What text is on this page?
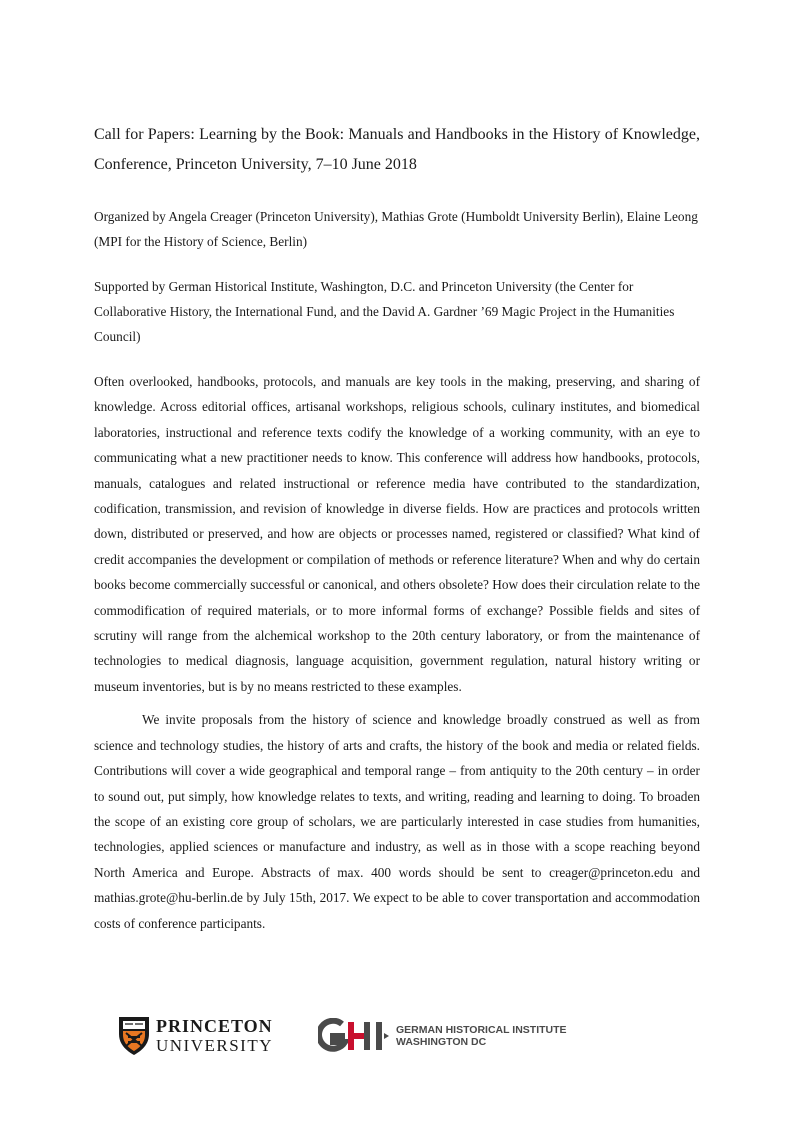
Call for Papers: Learning by the Book: Manuals and Handbooks in the History of Knowledge, Conference, Princeton University, 7–10 June 2018

Organized by Angela Creager (Princeton University), Mathias Grote (Humboldt University Berlin), Elaine Leong (MPI for the History of Science, Berlin)

Supported by German Historical Institute, Washington, D.C. and Princeton University (the Center for Collaborative History, the International Fund, and the David A. Gardner ’69 Magic Project in the Humanities Council)

Often overlooked, handbooks, protocols, and manuals are key tools in the making, preserving, and sharing of knowledge. Across editorial offices, artisanal workshops, religious schools, culinary institutes, and biomedical laboratories, instructional and reference texts codify the knowledge of a working community, with an eye to communicating what a new practitioner needs to know. This conference will address how handbooks, protocols, manuals, catalogues and related instructional or reference media have contributed to the standardization, codification, transmission, and revision of knowledge in diverse fields. How are practices and protocols written down, distributed or preserved, and how are objects or processes named, registered or classified? What kind of credit accompanies the development or compilation of methods or reference literature? When and why do certain books become commercially successful or canonical, and others obsolete? How does their circulation relate to the commodification of required materials, or to more informal forms of exchange? Possible fields and sites of scrutiny will range from the alchemical workshop to the 20th century laboratory, or from the maintenance of technologies to medical diagnosis, language acquisition, government regulation, natural history writing or museum inventories, but is by no means restricted to these examples.

We invite proposals from the history of science and knowledge broadly construed as well as from science and technology studies, the history of arts and crafts, the history of the book and media or related fields. Contributions will cover a wide geographical and temporal range – from antiquity to the 20th century – in order to sound out, put simply, how knowledge relates to texts, and writing, reading and learning to doing. To broaden the scope of an existing core group of scholars, we are particularly interested in case studies from humanities, technologies, applied sciences or manufacture and industry, as well as in those with a scope reaching beyond North America and Europe. Abstracts of max. 400 words should be sent to creager@princeton.edu and mathias.grote@hu-berlin.de by July 15th, 2017. We expect to be able to cover transportation and accommodation costs of conference participants.

PRINCETON
UNIVERSITY
GERMAN HISTORICAL INSTITUTE
WASHINGTON DC
